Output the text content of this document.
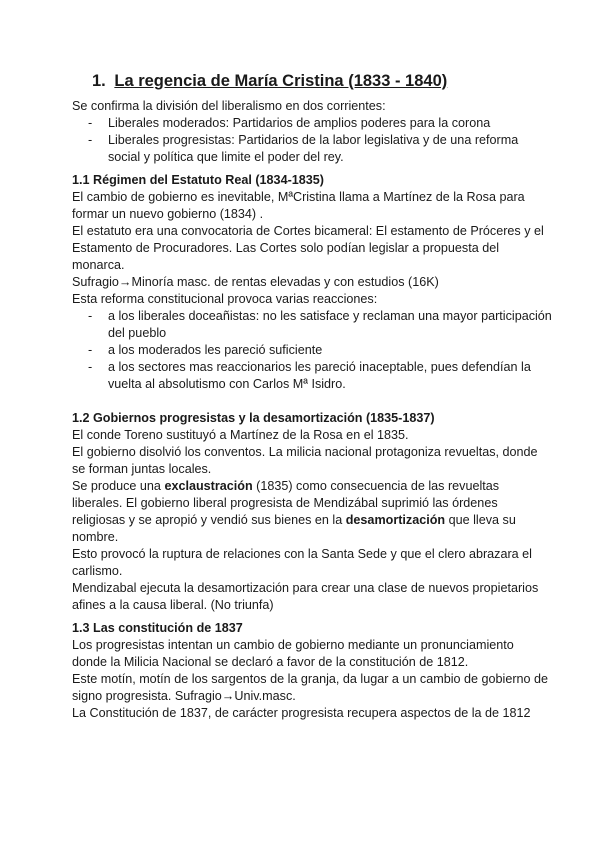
1. La regencia de María Cristina (1833 - 1840)

Se confirma la división del liberalismo en dos corrientes:

- Liberales moderados: Partidarios de amplios poderes para la corona
- Liberales progresistas: Partidarios de la labor legislativa y de una reforma social y política que limite el poder del rey.
1.1 Régimen del Estatuto Real (1834-1835)

El cambio de gobierno es inevitable, MªCristina llama a Martínez de la Rosa para formar un nuevo gobierno (1834) .

El estatuto era una convocatoria de Cortes bicameral: El estamento de Próceres y el Estamento de Procuradores. Las Cortes solo podían legislar a propuesta del monarca.

Sufragio→Minoría masc. de rentas elevadas y con estudios (16K)

Esta reforma constitucional provoca varias reacciones:

- a los liberales doceañistas: no les satisface y reclaman una mayor participación del pueblo
- a los moderados les pareció suficiente
- a los sectores mas reaccionarios les pareció inaceptable, pues defendían la vuelta al absolutismo con Carlos Mª Isidro.
1.2 Gobiernos progresistas y la desamortización (1835-1837)

El conde Toreno sustituyó a Martínez de la Rosa en el 1835.

El gobierno disolvió los conventos. La milicia nacional protagoniza revueltas, donde se forman juntas locales.

Se produce una exclaustración (1835) como consecuencia de las revueltas liberales. El gobierno liberal progresista de Mendizábal suprimió las órdenes religiosas y se apropió y vendió sus bienes en la desamortización que lleva su nombre.

Esto provocó la ruptura de relaciones con la Santa Sede y que el clero abrazara el carlismo.

Mendizabal ejecuta la desamortización para crear una clase de nuevos propietarios afines a la causa liberal. (No triunfa)

1.3 Las constitución de 1837

Los progresistas intentan un cambio de gobierno mediante un pronunciamiento donde la Milicia Nacional se declaró a favor de la constitución de 1812.

Este motín, motín de los sargentos de la granja, da lugar a un cambio de gobierno de signo progresista. Sufragio→Univ.masc.

La Constitución de 1837, de carácter progresista recupera aspectos de la de 1812
